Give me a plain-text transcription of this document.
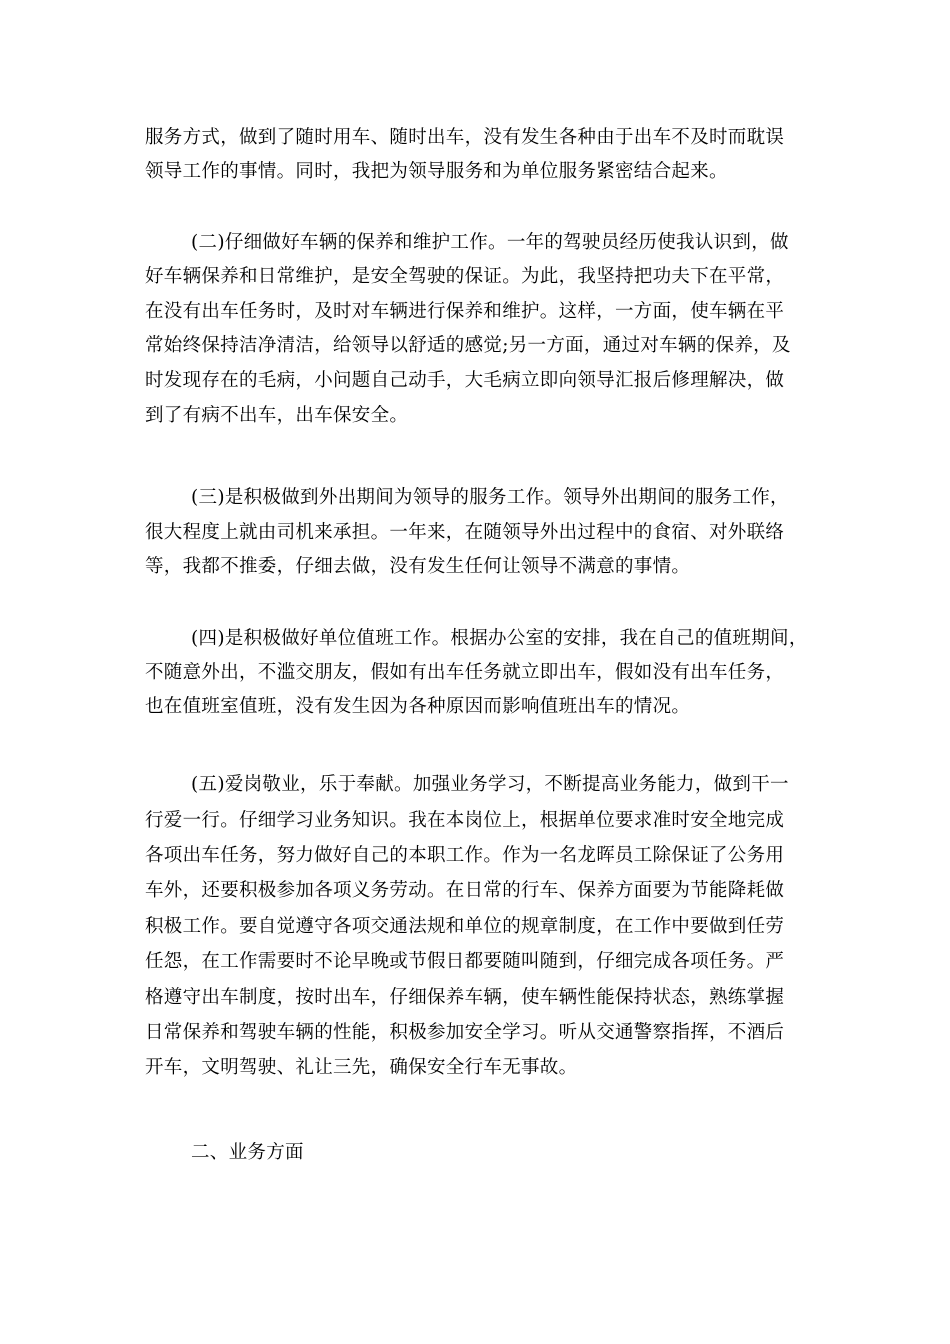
服务方式，做到了随时用车、随时出车，没有发生各种由于出车不及时而耽误
领导工作的事情。同时，我把为领导服务和为单位服务紧密结合起来。
(二)仔细做好车辆的保养和维护工作。一年的驾驶员经历使我认识到，做
好车辆保养和日常维护，是安全驾驶的保证。为此，我坚持把功夫下在平常，
在没有出车任务时，及时对车辆进行保养和维护。这样，一方面，使车辆在平
常始终保持洁净清洁，给领导以舒适的感觉;另一方面，通过对车辆的保养，及
时发现存在的毛病，小问题自己动手，大毛病立即向领导汇报后修理解决，做
到了有病不出车，出车保安全。
(三)是积极做到外出期间为领导的服务工作。领导外出期间的服务工作，
很大程度上就由司机来承担。一年来，在随领导外出过程中的食宿、对外联络
等，我都不推委，仔细去做，没有发生任何让领导不满意的事情。
(四)是积极做好单位值班工作。根据办公室的安排，我在自己的值班期间，
不随意外出，不滥交朋友，假如有出车任务就立即出车，假如没有出车任务，
也在值班室值班，没有发生因为各种原因而影响值班出车的情况。
(五)爱岗敬业，乐于奉献。加强业务学习，不断提高业务能力，做到干一
行爱一行。仔细学习业务知识。我在本岗位上，根据单位要求准时安全地完成
各项出车任务，努力做好自己的本职工作。作为一名龙晖员工除保证了公务用
车外，还要积极参加各项义务劳动。在日常的行车、保养方面要为节能降耗做
积极工作。要自觉遵守各项交通法规和单位的规章制度，在工作中要做到任劳
任怨，在工作需要时不论早晚或节假日都要随叫随到，仔细完成各项任务。严
格遵守出车制度，按时出车，仔细保养车辆，使车辆性能保持状态，熟练掌握
日常保养和驾驶车辆的性能，积极参加安全学习。听从交通警察指挥，不酒后
开车，文明驾驶、礼让三先，确保安全行车无事故。
二、业务方面
